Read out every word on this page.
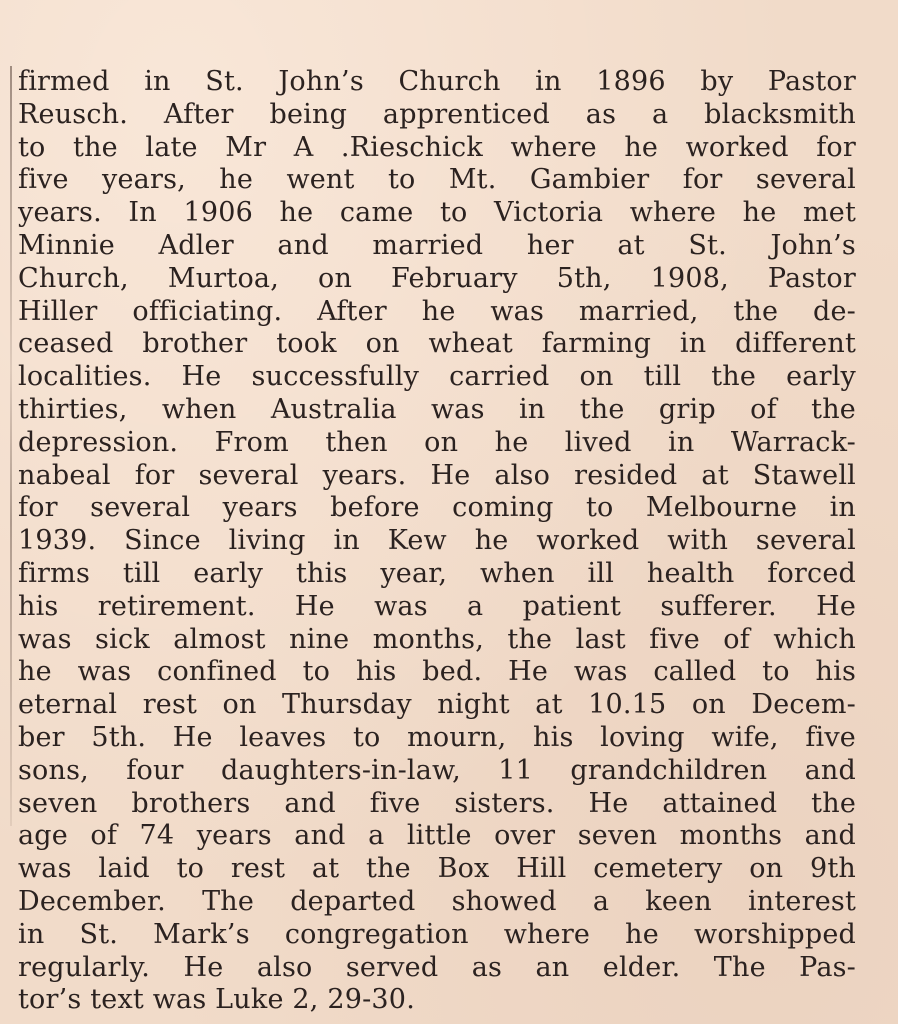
firmed in St. John’s Church in 1896 by Pastor
Reusch. After being apprenticed as a blacksmith
to the late Mr A .Rieschick where he worked for
five years, he went to Mt. Gambier for several
years. In 1906 he came to Victoria where he met
Minnie Adler and married her at St. John’s
Church, Murtoa, on February 5th, 1908, Pastor
Hiller officiating. After he was married, the de-
ceased brother took on wheat farming in different
localities. He successfully carried on till the early
thirties, when Australia was in the grip of the
depression. From then on he lived in Warrack-
nabeal for several years. He also resided at Stawell
for several years before coming to Melbourne in
1939. Since living in Kew he worked with several
firms till early this year, when ill health forced
his retirement. He was a patient sufferer. He
was sick almost nine months, the last five of which
he was confined to his bed. He was called to his
eternal rest on Thursday night at 10.15 on Decem-
ber 5th. He leaves to mourn, his loving wife, five
sons, four daughters-in-law, 11 grandchildren and
seven brothers and five sisters. He attained the
age of 74 years and a little over seven months and
was laid to rest at the Box Hill cemetery on 9th
December. The departed showed a keen interest
in St. Mark’s congregation where he worshipped
regularly. He also served as an elder. The Pas-
tor’s text was Luke 2, 29-30.
